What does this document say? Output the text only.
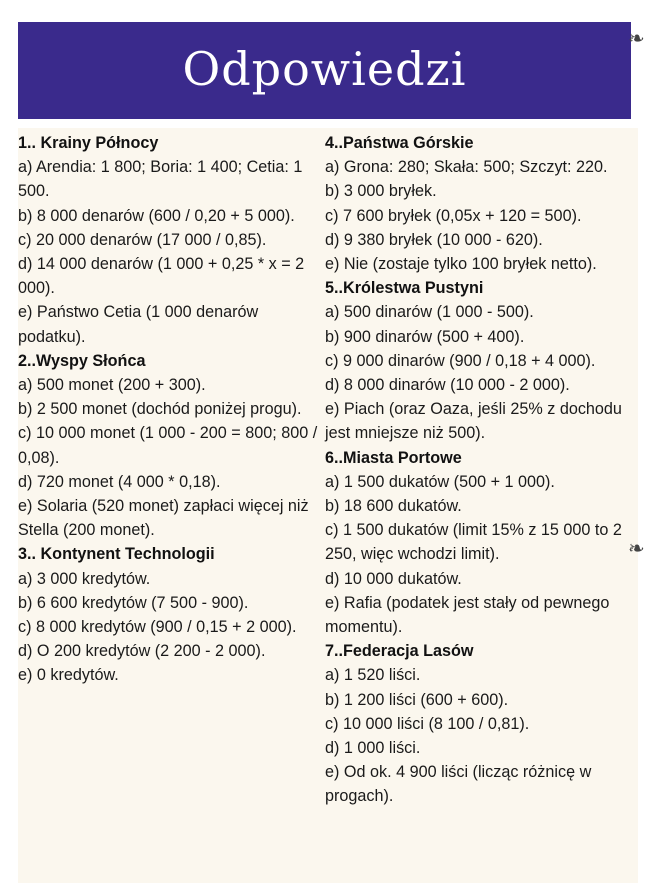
Odpowiedzi
❧
❧
1.. Krainy Północy
a) Arendia: 1 800; Boria: 1 400; Cetia: 1 500.
b) 8 000 denarów (600 / 0,20 + 5 000).
c) 20 000 denarów (17 000 / 0,85).
d) 14 000 denarów (1 000 + 0,25 * x = 2 000).
e) Państwo Cetia (1 000 denarów podatku).
2..Wyspy Słońca
a) 500 monet (200 + 300).
b) 2 500 monet (dochód poniżej progu).
c) 10 000 monet (1 000 - 200 = 800; 800 / 0,08).
d) 720 monet (4 000 * 0,18).
e) Solaria (520 monet) zapłaci więcej niż Stella (200 monet).
3.. Kontynent Technologii
a) 3 000 kredytów.
b) 6 600 kredytów (7 500 - 900).
c) 8 000 kredytów (900 / 0,15 + 2 000).
d) O 200 kredytów (2 200 - 2 000).
e) 0 kredytów.
4..Państwa Górskie
a) Grona: 280; Skała: 500; Szczyt: 220.
b) 3 000 bryłek.
c) 7 600 bryłek (0,05x + 120 = 500).
d) 9 380 bryłek (10 000 - 620).
e) Nie (zostaje tylko 100 bryłek netto).
5..Królestwa Pustyni
a) 500 dinarów (1 000 - 500).
b) 900 dinarów (500 + 400).
c) 9 000 dinarów (900 / 0,18 + 4 000).
d) 8 000 dinarów (10 000 - 2 000).
e) Piach (oraz Oaza, jeśli 25% z dochodu jest mniejsze niż 500).
6..Miasta Portowe
a) 1 500 dukatów (500 + 1 000).
b) 18 600 dukatów.
c) 1 500 dukatów (limit 15% z 15 000 to 2 250, więc wchodzi limit).
d) 10 000 dukatów.
e) Rafia (podatek jest stały od pewnego momentu).
7..Federacja Lasów
a) 1 520 liści.
b) 1 200 liści (600 + 600).
c) 10 000 liści (8 100 / 0,81).
d) 1 000 liści.
e) Od ok. 4 900 liści (licząc różnicę w progach).
